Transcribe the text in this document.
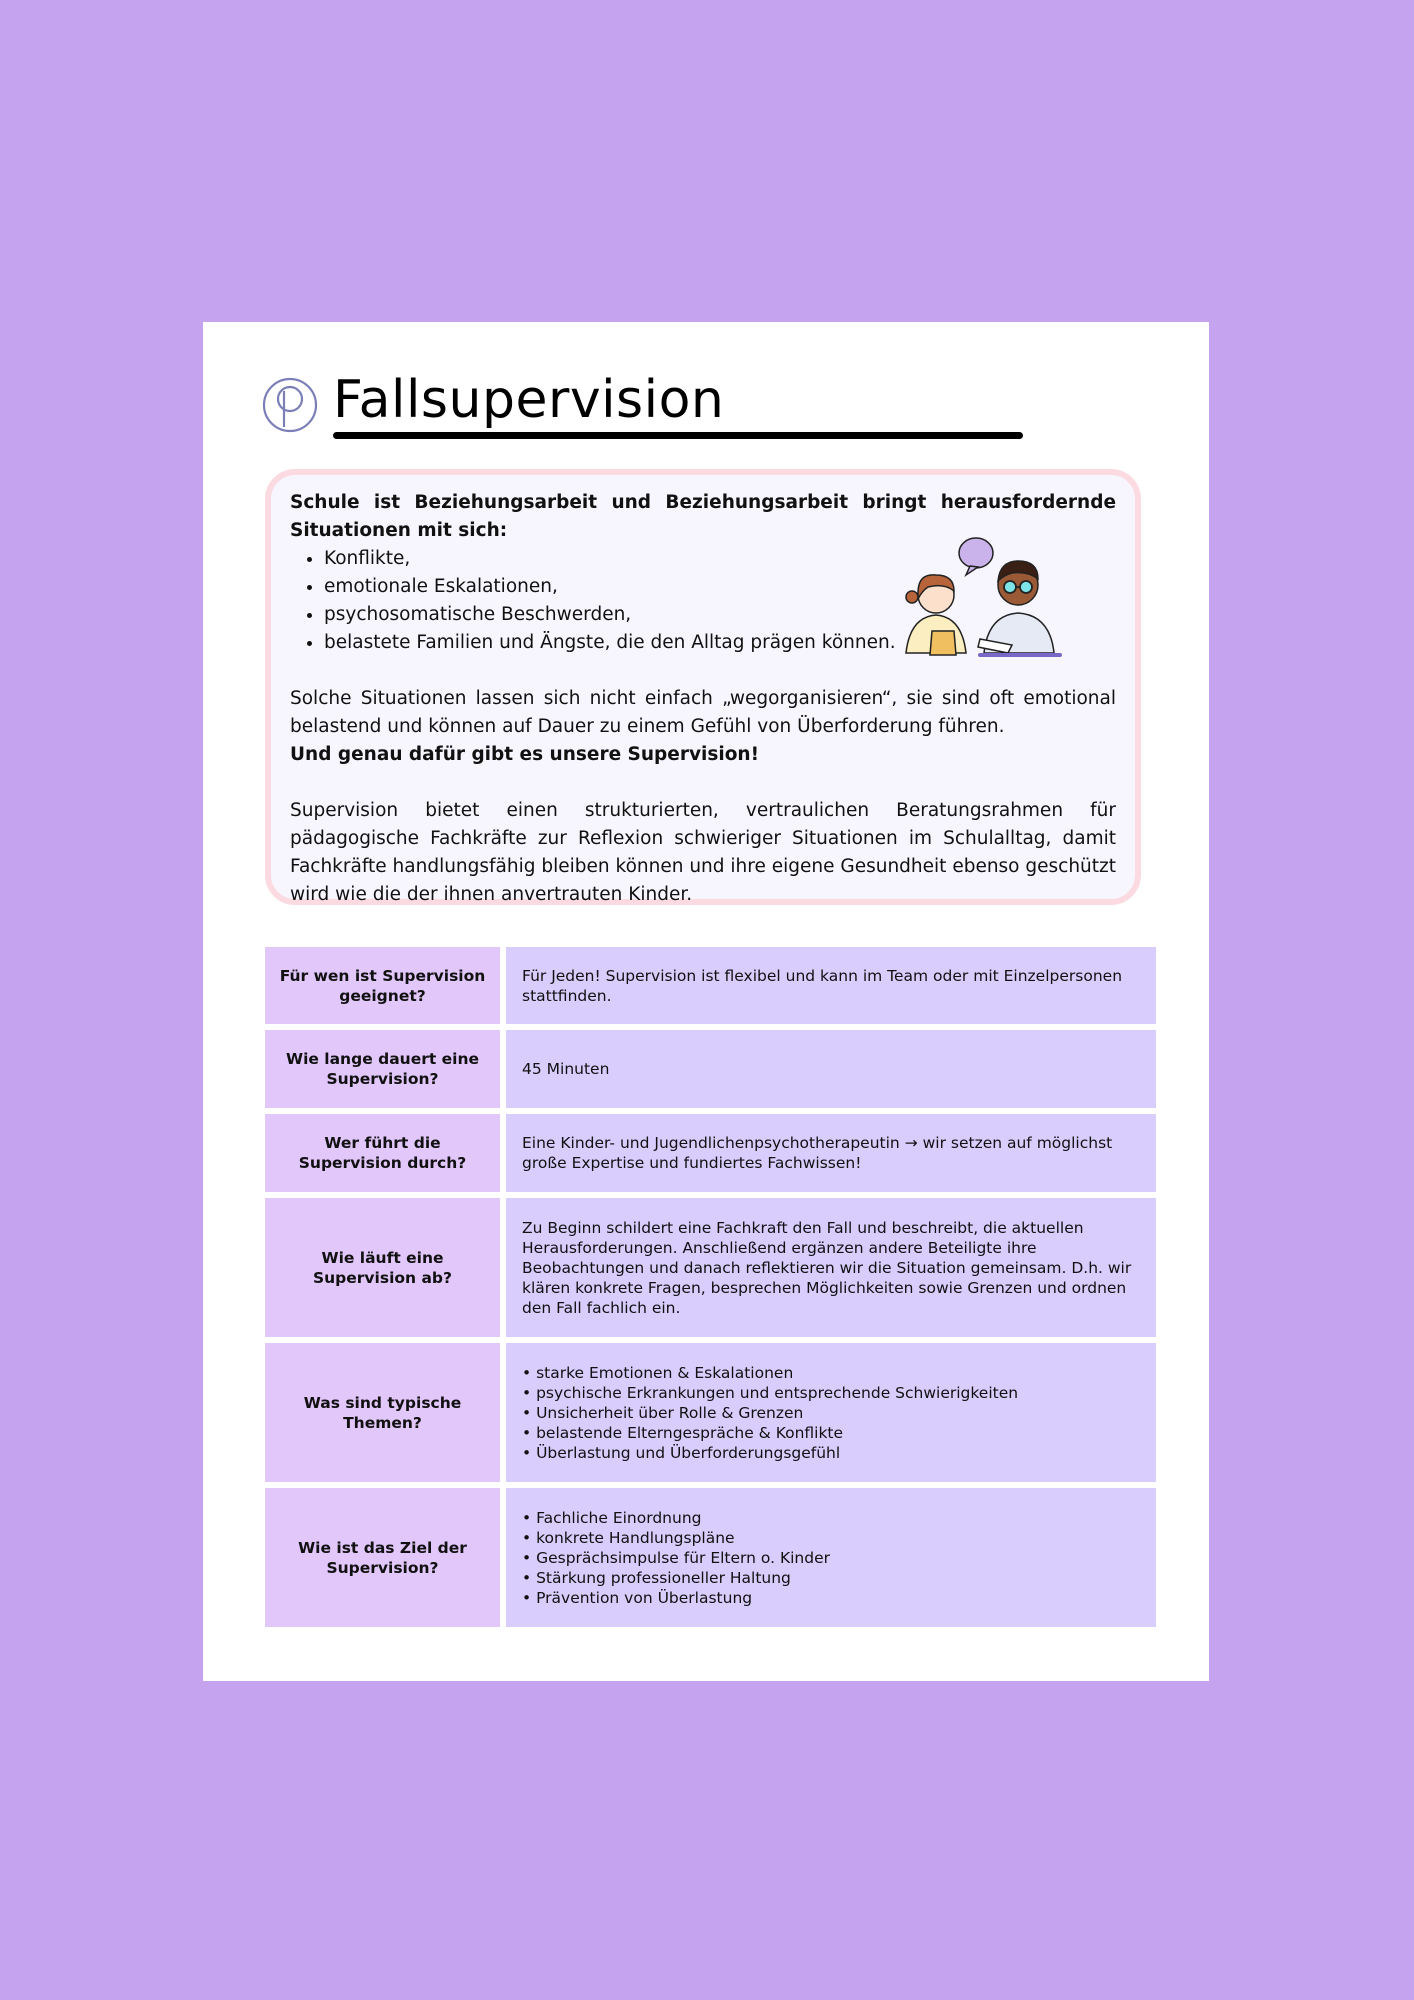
Fallsupervision

Schule ist Beziehungsarbeit und Beziehungsarbeit bringt herausfordernde Situationen mit sich:

• Konflikte,
• emotionale Eskalationen,
• psychosomatische Beschwerden,
• belastete Familien und Ängste, die den Alltag prägen können.

Solche Situationen lassen sich nicht einfach „wegorganisieren“, sie sind oft emotional belastend und können auf Dauer zu einem Gefühl von Überforderung führen.

Und genau dafür gibt es unsere Supervision!

Supervision bietet einen strukturierten, vertraulichen Beratungsrahmen für pädagogische Fachkräfte zur Reflexion schwieriger Situationen im Schulalltag, damit Fachkräfte handlungsfähig bleiben können und ihre eigene Gesundheit ebenso geschützt wird wie die der ihnen anvertrauten Kinder.

Für wen ist Supervision geeignet?
Für Jeden! Supervision ist flexibel und kann im Team oder mit Einzelpersonen stattfinden.
Wie lange dauert eine Supervision?
45 Minuten
Wer führt die Supervision durch?
Eine Kinder- und Jugendlichenpsychotherapeutin → wir setzen auf möglichst große Expertise und fundiertes Fachwissen!
Wie läuft eine Supervision ab?
Zu Beginn schildert eine Fachkraft den Fall und beschreibt, die aktuellen Herausforderungen. Anschließend ergänzen andere Beteiligte ihre Beobachtungen und danach reflektieren wir die Situation gemeinsam. D.h. wir klären konkrete Fragen, besprechen Möglichkeiten sowie Grenzen und ordnen den Fall fachlich ein.
Was sind typische Themen?
• starke Emotionen & Eskalationen
• psychische Erkrankungen und entsprechende Schwierigkeiten
• Unsicherheit über Rolle & Grenzen
• belastende Elterngespräche & Konflikte
• Überlastung und Überforderungsgefühl
Wie ist das Ziel der Supervision?
• Fachliche Einordnung
• konkrete Handlungspläne
• Gesprächsimpulse für Eltern o. Kinder
• Stärkung professioneller Haltung
• Prävention von Überlastung
